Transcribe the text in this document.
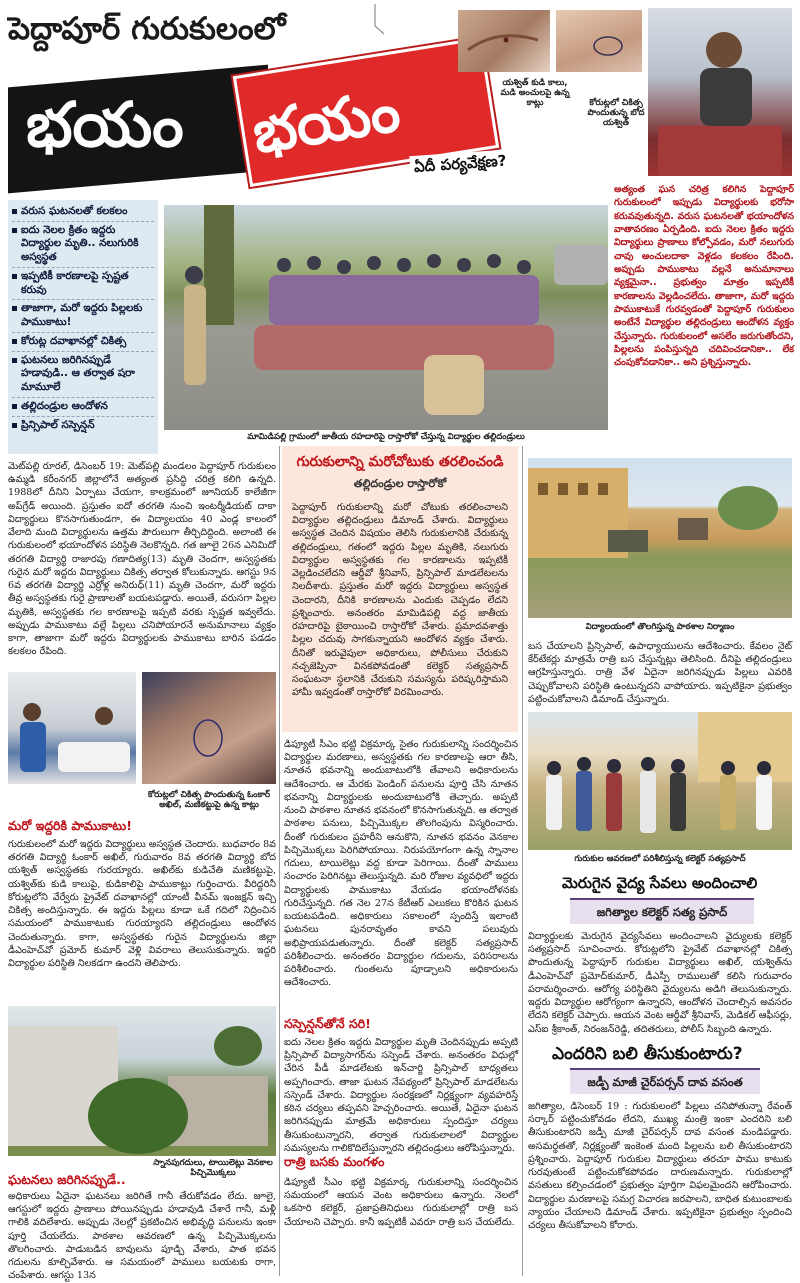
పెద్దాపూర్ గురుకులంలో
భయం	భయం ఏదీ పర్యవేక్షణ?
యశ్విత్ కుడి కాలు, మడి అంచులపై ఉన్న కాట్లు	కోరుట్లలో చికిత్స పొందుతున్న బోద యశ్విత్
వరుస ఘటనలతో కలకలం
ఐదు నెలల క్రితం ఇద్దరు విద్యార్థుల మృతి.. నలుగురికి అస్వస్థత
ఇప్పటికీ కారణాలపై స్పష్టత కరువు
తాజాగా, మరో ఇద్దరు పిల్లలకు పాముకాటు!
కోరుట్ల దవాఖానల్లో చికిత్స
ఘటనలు జరిగినప్పుడే హడావుడి.. ఆ తర్వాత షరా మామూలే
తల్లిదండ్రుల ఆందోళన
ప్రిన్సిపాల్ సస్పెన్షన్
మామిడిపల్లి గ్రామంలో జాతీయ రహదారిపై రాస్తారోకో చేస్తున్న విద్యార్థుల తల్లిదండ్రులు
అత్యంత ఘన చరిత్ర కలిగిన పెద్దాపూర్ గురుకులంలో ఇప్పుడు విద్యార్థులకు భరోసా కరువవుతున్నది. వరుస ఘటనలతో భయాందోళన వాతావరణం ఏర్పడింది. ఐదు నెలల క్రితం ఇద్దరు విద్యార్థులు ప్రాణాలు కోల్పోవడం, మరో నలుగురు చావు అంచులదాకా వెళ్లడం కలకలం రేపింది. అప్పుడు పాముకాటు వల్లనే అనుమానాలు వ్యక్తమైనా.. ప్రభుత్వం మాత్రం ఇప్పటికీ కారణాలను వెల్లడించలేదు. తాజాగా, మరో ఇద్దరు పాముకాటుకే గురవ్వడంతో పెద్దాపూర్ గురుకులం అంటేనే విద్యార్థుల తల్లిదండ్రులు ఆందోళన వ్యక్తం చేస్తున్నారు. గురుకులంలో అసలేం జరుగుతోందని, పిల్లలను పంపిస్తున్నది చదివించడానికా.. లేక చంపుకోవడానికా.. అని ప్రశ్నిస్తున్నారు.
మెట్‌పల్లి రూరల్, డిసెంబర్ 19: మెట్‌పల్లి మండలం పెద్దాపూర్ గురుకులం ఉమ్మడి కరీంనగర్ జిల్లాలోనే అత్యంత ప్రసిద్ధి చరిత్ర కలిగి ఉన్నది. 1988లో దీనిని ఏర్పాటు చేయగా, కాలక్రమంలో జూనియర్ కాలేజీగా అప్‌గ్రేడ్ అయింది. ప్రస్తుతం ఐదో తరగతి నుంచి ఇంటర్మీడియట్ దాకా విద్యార్థులు కొనసాగుతుండగా, ఈ విద్యాలయం 40 ఎండ్ల కాలంలో వేలాది మంది విద్యార్థులను ఉత్తమ పౌరులుగా తీర్చిదిద్దింది. అలాంటి ఈ గురుకులంలో భయాందోళన పరిస్థితి నెలకొన్నది. గత జూలై 26న ఎనిమిదో తరగతి విద్యార్థి రాజారపు గణాదిత్య(13) మృతి చెందగా, అస్వస్థతకు గురైన మరో ఇద్దరు విద్యార్థులు చికిత్స తర్వాత కోలుకున్నారు. ఆగస్టు 9న 6వ తరగతి విద్యార్థి ఎర్రోళ్ల అనిరుధ్(11) మృతి చెందగా, మరో ఇద్దరు తీవ్ర అస్వస్థతకు గురై ప్రాణాలతో బయటపడ్డారు. అయితే, వరుసగా పిల్లల మృతికి, అస్వస్థతకు గల కారణాలపై ఇప్పటి వరకు స్పష్టత ఇవ్వలేదు. అప్పుడు పాముకాటు వల్లే పిల్లలు చనిపోయారనే అనుమానాలు వ్యక్తం కాగా, తాజాగా మరో ఇద్దరు విద్యార్థులకు పాముకాటు బారిన పడడం కలకలం రేపింది.
కోరుట్లలో చికిత్స పొందుతున్న ఓంకార్ అఖిల్, మణికట్టుపై ఉన్న కాట్లు
మరో ఇద్దరికి పాముకాటు!
గురుకులంలో మరో ఇద్దరు విద్యార్థులు అస్వస్థత చెందారు. బుధవారం 8వ తరగతి విద్యార్థి ఓంకార్ అఖిల్, గురువారం 8వ తరగతి విద్యార్థి బోద యశ్విత్ అస్వస్థతకు గురయ్యారు. అఖిల్‌కు కుడిచేతి మణికట్టుపై, యశ్విత్‌కు కుడి కాలుపై, కుడికాలిపై పాముకాట్లు గుర్తించారు. వీరిద్దరినీ కోరుట్లలోని వేర్వేరు ప్రైవేట్ దవాఖానల్లో యాంటీ వీనమ్ ఇంజక్షన్ ఇచ్చి చికిత్స అందిస్తున్నారు. ఈ ఇద్దరు పిల్లలు కూడా ఒకే గదిలో నిద్రించిన సమయంలో పాముకాటుకు గురయ్యారని తల్లిదండ్రులు ఆందోళన చెందుతున్నారు. కాగా, అస్వస్థతకు గురైన విద్యార్థులను జిల్లా డీఎంహెచ్‌వో ప్రమోద్ కుమార్ వెళ్లి వివరాలు తెలుసుకున్నారు. ఇద్దరి విద్యార్థుల పరిస్థితి నిలకడగా ఉందని తెలిపారు.
స్నానపుగదులు, టాయిలెట్లు వెనకాల పిచ్చిమొక్కలు
ఘటనలు జరిగినప్పుడే..
అధికారులు ఏదైనా ఘటనలు జరిగితే గానీ తేరుకోవడం లేదు. జూలై, ఆగస్టులో ఇద్దరు ప్రాణాలు పోయినప్పుడు హడావుడి చేశారే గానీ, మళ్లీ గాలికి వదిలేశారు. అప్పుడు నెలల్లో ప్రకటించిన అభివృద్ధి పనులను ఇంకా పూర్తి చేయలేదు. పాఠశాల ఆవరణలో ఉన్న పిచ్చిమొక్కలను తొలగించారు. పాడుబడిన బావులను పూడ్చి వేశారు, పాత భవన గదులను కూల్చివేశారు. ఆ సమయంలో పాములు బయటకు రాగా, చంపేశారు. ఆగస్టు 13న
గురుకులాన్ని మరోచోటుకు తరలించండి
తల్లిదండ్రుల రాస్తారోకో
పెద్దాపూర్ గురుకులాన్ని మరో చోటుకు తరలించాలని విద్యార్థుల తల్లిదండ్రులు డిమాండ్ చేశారు. విద్యార్థులు అస్వస్థత చెందిన విషయం తెలిసి గురుకులానికి చేరుకున్న తల్లిదండ్రులు, గతంలో ఇద్దరు పిల్లల మృతికి, నలుగురు విద్యార్థుల అస్వస్థతకు గల కారణాలను ఇప్పటికీ వెల్లడించలేదని ఆర్డీవో శ్రీనివాస్, ప్రిన్సిపాల్ మాడలేటలను నిలదీశారు. ప్రస్తుతం మరో ఇద్దరు విద్యార్థులు అస్వస్థత చెందారని, దీనికి కారణాలను ఎందుకు చెప్పడం లేదని ప్రశ్నించారు. అనంతరం మామిడిపల్లి వద్ద జాతీయ రహదారిపై బైఠాయించి రాస్తారోకో చేశారు. ప్రమాదవశాత్తు పిల్లల చదువు సాగకున్నాయని ఆందోళన వ్యక్తం చేశారు. దీనితో ఇరువైపులా అధికారులు, పోలీసులు చేరుకుని నచ్చజెప్పినా వినకపోవడంతో కలెక్టర్ సత్యప్రసాద్ సంఘటనా స్థలానికి చేరుకుని సమస్యను పరిష్కరిస్తామని హామీ ఇవ్వడంతో రాస్తారోకో విరమించారు.
డిప్యూటీ సీఎం భట్టి విక్రమార్క సైతం గురుకులాన్ని సందర్శించిన విద్యార్థుల మరణాలు, అస్వస్థతకు గల కారణాలపై ఆరా తీసి, నూతన భవనాన్ని అందుబాటులోకి తేవాలని అధికారులను ఆదేశించారు. ఆ మేరకు పెండింగ్ పనులను పూర్తి చేసి నూతన భవనాన్ని విద్యార్థులకు అందుబాటులోకి తెచ్చారు. అప్పటి నుంచి పాఠశాల నూతన భవనంలో కొనసాగుతున్నది. ఆ తర్వాత పాఠశాల పనులు, పిచ్చిమొక్కల తొలగింపును విస్మరించారు. దీంతో గురుకులం ప్రహరీని ఆనుకొని, నూతన భవనం వెనకాల పిచ్చిమొక్కలు పెరిగిపోయాయి. నిరుపయోగంగా ఉన్న స్నానాల గదులు, టాయిలెట్లు వద్ద కూడా పెరిగాయి. దీంతో పాములు సంచారం పెరిగినట్లు తెలుస్తున్నది. మరి రోజుల వ్యవధిలో ఇద్దరు విద్యార్థులకు పాముకాటు వేయడం భయాందోళనకు గురిచేస్తున్నది. గత నెల 27న కేటీఆర్ ఎలుకలు కొరికిన ఘటన బయటపడింది. అధికారులు సకాలంలో స్పందిస్తే ఇలాంటి ఘటనలు పునరావృతం కావని పలువురు అభిప్రాయపడుతున్నారు. దీంతో కలెక్టర్ సత్యప్రసాద్ పరిశీలించారు. అనంతరం విద్యార్థుల గదులను, పరిసరాలను పరిశీలించారు. గుంతలను పూడ్చాలని అధికారులను ఆదేశించారు.
సస్పెన్షన్‌తోనే సరి!
ఐదు నెలల క్రితం ఇద్దరు విద్యార్థుల మృతి చెందినప్పుడు అప్పటి ప్రిన్సిపాల్ విద్యాసాగర్‌ను సస్పెండ్ చేశారు. అనంతరం విధుల్లో చేరిన పీడీ మాడలేటకు ఇన్‌చార్జి ప్రిన్సిపాల్ బాధ్యతలు అప్పగించారు. తాజా ఘటన నేపథ్యంలో ప్రిన్సిపాల్ మాడలేటను సస్పెండ్ చేశారు. విద్యార్థుల సంరక్షణలో నిర్లక్ష్యంగా వ్యవహరిస్తే కఠిన చర్యలు తప్పవని హెచ్చరించారు. అయితే, ఏదైనా ఘటన జరిగినప్పుడు మాత్రమే అధికారులు స్పందిస్తూ చర్యలు తీసుకుంటున్నారని, తర్వాత గురుకులాలలో విద్యార్థుల సమస్యలను గాలికొదిలేస్తున్నారని తల్లిదండ్రులు ఆరోపిస్తున్నారు.
రాత్రి బసకు మంగళం
డిప్యూటీ సీఎం భట్టి విక్రమార్క గురుకులాన్ని సందర్శించిన సమయంలో ఆయన వెంట అధికారులు ఉన్నారు. నెలలో ఒకసారి కలెక్టర్, ప్రజాప్రతినిధులు గురుకులాల్లో రాత్రి బస చేయాలని చెప్పారు. కానీ ఇప్పటికీ ఎవరూ రాత్రి బస చేయలేదు.
విద్యాలయంలో తొలగిస్తున్న పాఠశాల నిర్మాణం
బస చేయాలని ప్రిన్సిపాల్, ఉపాధ్యాయులను ఆదేశించారు. కేవలం నైట్ కేర్‌టేకర్లు మాత్రమే రాత్రి బస చేస్తున్నట్లు తెలిసింది. దీనిపై తల్లిదండ్రులు ఆగ్రహిస్తున్నారు. రాత్రి వేళ ఏదైనా జరిగినప్పుడు పిల్లలు ఎవరికి చెప్పుకోవాలని పరిస్థితి ఉంటున్నదని వాపోయారు. ఇప్పటికైనా ప్రభుత్వం పట్టించుకోవాలని డిమాండ్ చేస్తున్నారు.
గురుకుల ఆవరణలో పరిశీలిస్తున్న కలెక్టర్ సత్యప్రసాద్
మెరుగైన వైద్య సేవలు అందించాలి
జగిత్యాల కలెక్టర్ సత్య ప్రసాద్
విద్యార్థులకు మెరుగైన వైద్యసేవలు అందించాలని వైద్యులకు కలెక్టర్ సత్యప్రసాద్ సూచించారు. కోరుట్లలోని ప్రైవేట్ దవాఖానల్లో చికిత్స పొందుతున్న పెద్దాపూర్ గురుకుల విద్యార్థులు అఖిల్, యశ్విత్‌ను డీఎంహెచ్‌వో ప్రమోద్‌కుమార్, డీఎస్పీ రాములుతో కలిసి గురువారం పరామర్శించారు. ఆరోగ్య పరిస్థితిని వైద్యులను అడిగి తెలుసుకున్నారు. ఇద్దరు విద్యార్థుల ఆరోగ్యంగా ఉన్నారని, ఆందోళన చెందాల్సిన అవసరం లేదని కలెక్టర్ చెప్పారు. ఆయన వెంట ఆర్డీవో శ్రీనివాస్, మెడికల్ ఆఫీసర్లు, ఎస్‌ఐ శ్రీకాంత్, నిరంజన్‌రెడ్డి, తదితరులు, పోలీస్ సిబ్బంది ఉన్నారు.
ఎందరిని బలి తీసుకుంటారు?
జడ్పీ మాజీ చైర్‌పర్సన్ దావ వసంత
జగిత్యాల, డిసెంబర్ 19 : గురుకులంలో పిల్లలు చనిపోతున్నా రేవంత్ సర్కార్ పట్టించుకోవడం లేదని, ముఖ్య మంత్రి ఇంకా ఎందరిని బలి తీసుకుంటారని జడ్పీ మాజీ చైర్‌పర్సన్ దావ వసంత మండిపడ్డారు. అసమర్థతతో, నిర్లక్ష్యంతో ఇంకెంత మంది పిల్లలను బలి తీసుకుంటారని ప్రశ్నించారు. పెద్దాపూర్ గురుకుల విద్యార్థులు తరచూ పాము కాటుకు గురవుతుంటే పట్టించుకోకపోవడం దారుణమన్నారు. గురుకులాల్లో వసతులు కల్పించడంలో ప్రభుత్వం పూర్తిగా విఫలమైందని ఆరోపించారు. విద్యార్థుల మరణాలపై సమగ్ర విచారణ జరపాలని, బాధిత కుటుంబాలకు న్యాయం చేయాలని డిమాండ్ చేశారు. ఇప్పటికైనా ప్రభుత్వం స్పందించి చర్యలు తీసుకోవాలని కోరారు.
